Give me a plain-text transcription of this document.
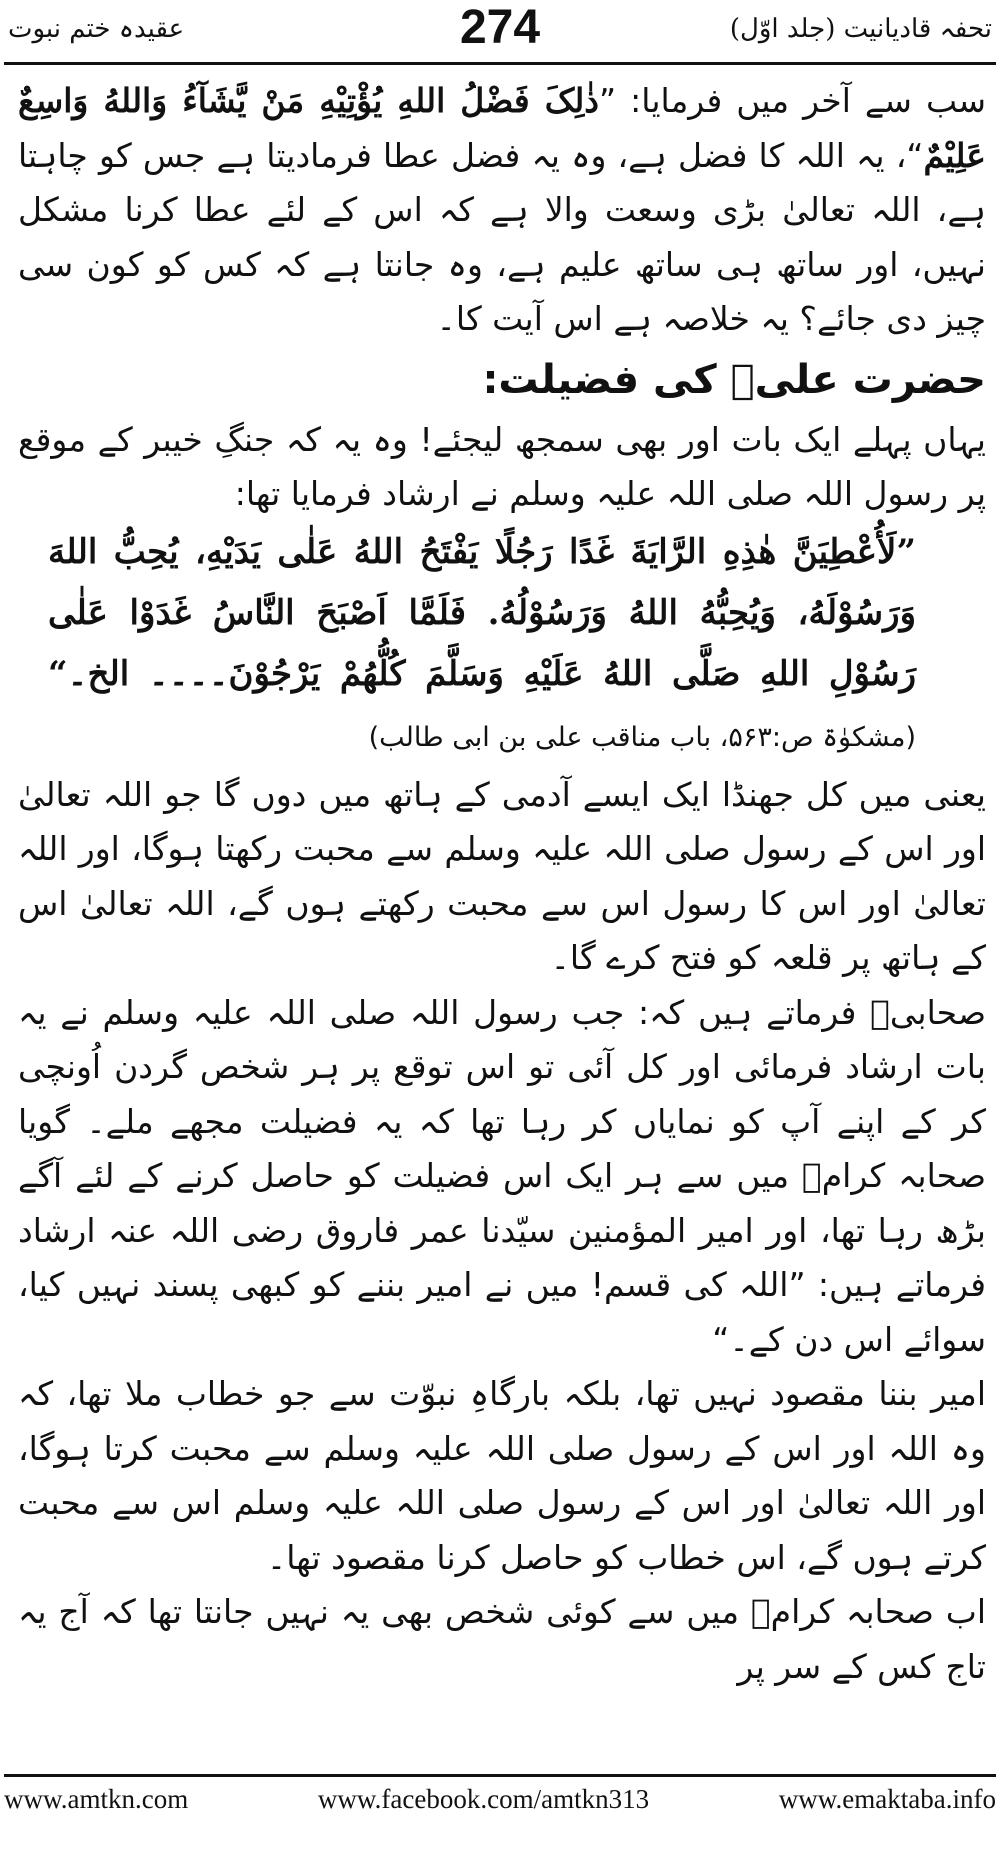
تحفہ قادیانیت (جلد اوّل)
274
عقیدہ ختم نبوت

سب سے آخر میں فرمایا: ”ذٰلِکَ فَضْلُ اللهِ یُؤْتِیْهِ مَنْ یَّشَآءُ وَاللهُ وَاسِعٌ عَلِیْمٌ“، یہ اللہ کا فضل ہے، وہ یہ فضل عطا فرمادیتا ہے جس کو چاہتا ہے، اللہ تعالیٰ بڑی وسعت والا ہے کہ اس کے لئے عطا کرنا مشکل نہیں، اور ساتھ ہی ساتھ علیم ہے، وہ جانتا ہے کہ کس کو کون سی چیز دی جائے؟ یہ خلاصہ ہے اس آیت کا۔

حضرت علیؓ کی فضیلت:

یہاں پہلے ایک بات اور بھی سمجھ لیجئے! وہ یہ کہ جنگِ خیبر کے موقع پر رسول اللہ صلی اللہ علیہ وسلم نے ارشاد فرمایا تھا:

”لَأُعْطِیَنَّ هٰذِهِ الرَّایَةَ غَدًا رَجُلًا یَفْتَحُ اللهُ عَلٰی یَدَیْهِ، یُحِبُّ اللهَ وَرَسُوْلَهُ، وَیُحِبُّهُ اللهُ وَرَسُوْلُهُ. فَلَمَّا اَصْبَحَ النَّاسُ غَدَوْا عَلٰی رَسُوْلِ اللهِ صَلَّی اللهُ عَلَیْهِ وَسَلَّمَ کُلُّهُمْ یَرْجُوْنَ۔۔۔۔ الخ۔“ (مشکوٰۃ ص:۵۶۳، باب مناقب علی بن ابی طالب)

یعنی میں کل جھنڈا ایک ایسے آدمی کے ہاتھ میں دوں گا جو اللہ تعالیٰ اور اس کے رسول صلی اللہ علیہ وسلم سے محبت رکھتا ہوگا، اور اللہ تعالیٰ اور اس کا رسول اس سے محبت رکھتے ہوں گے، اللہ تعالیٰ اس کے ہاتھ پر قلعہ کو فتح کرے گا۔

صحابیؓ فرماتے ہیں کہ: جب رسول اللہ صلی اللہ علیہ وسلم نے یہ بات ارشاد فرمائی اور کل آئی تو اس توقع پر ہر شخص گردن اُونچی کر کے اپنے آپ کو نمایاں کر رہا تھا کہ یہ فضیلت مجھے ملے۔ گویا صحابہ کرامؓ میں سے ہر ایک اس فضیلت کو حاصل کرنے کے لئے آگے بڑھ رہا تھا، اور امیر المؤمنین سیّدنا عمر فاروق رضی اللہ عنہ ارشاد فرماتے ہیں: ”اللہ کی قسم! میں نے امیر بننے کو کبھی پسند نہیں کیا، سوائے اس دن کے۔“

امیر بننا مقصود نہیں تھا، بلکہ بارگاہِ نبوّت سے جو خطاب ملا تھا، کہ وہ اللہ اور اس کے رسول صلی اللہ علیہ وسلم سے محبت کرتا ہوگا، اور اللہ تعالیٰ اور اس کے رسول صلی اللہ علیہ وسلم اس سے محبت کرتے ہوں گے، اس خطاب کو حاصل کرنا مقصود تھا۔

اب صحابہ کرامؓ میں سے کوئی شخص بھی یہ نہیں جانتا تھا کہ آج یہ تاج کس کے سر پر

www.amtkn.com	www.facebook.com/amtkn313	www.emaktaba.info
